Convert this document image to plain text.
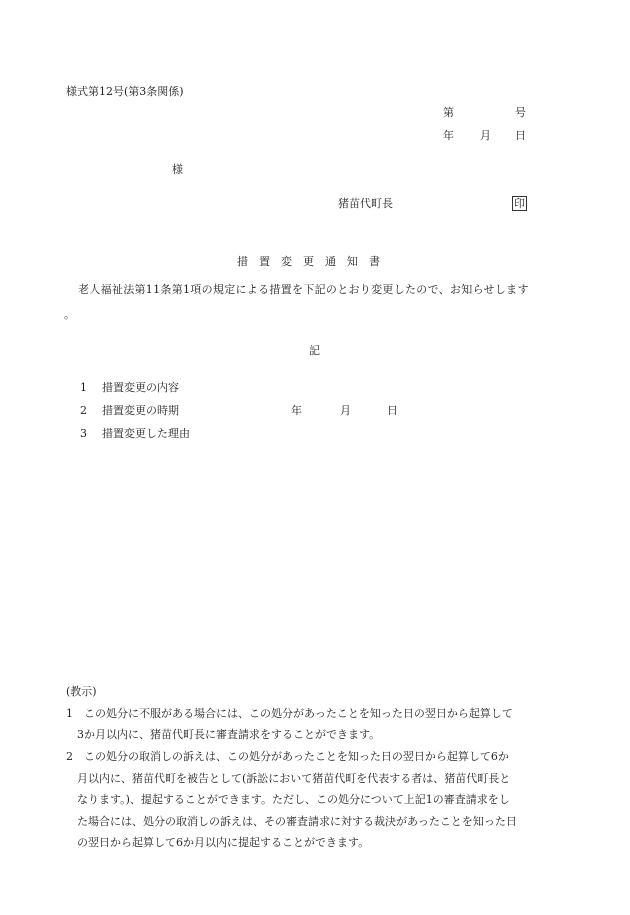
様式第12号(第3条関係)
第	号
年 月 日
様
猪苗代町長	印
措置変更通知書
老人福祉法第11条第1項の規定による措置を下記のとおり変更したので、お知らせします
。
記
1 措置変更の内容
2 措置変更の時期	年	月	日
3 措置変更した理由
(教示)
1　この処分に不服がある場合には、この処分があったことを知った日の翌日から起算して
　3か月以内に、猪苗代町長に審査請求をすることができます。
2　この処分の取消しの訴えは、この処分があったことを知った日の翌日から起算して6か
　月以内に、猪苗代町を被告として(訴訟において猪苗代町を代表する者は、猪苗代町長と
　なります。)、提起することができます。ただし、この処分について上記1の審査請求をし
　た場合には、処分の取消しの訴えは、その審査請求に対する裁決があったことを知った日
　の翌日から起算して6か月以内に提起することができます。
